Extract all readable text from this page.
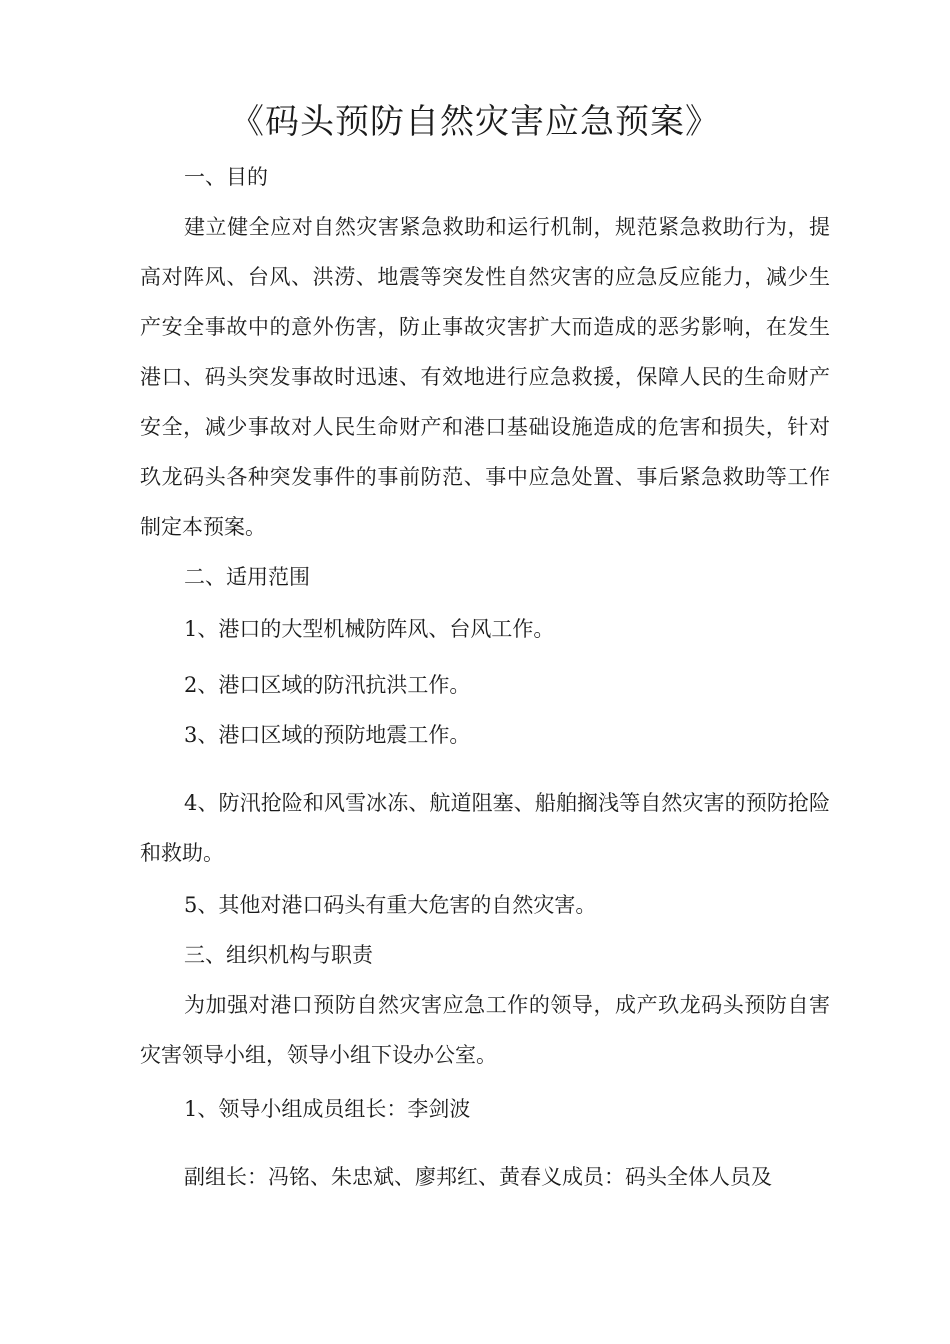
《码头预防自然灾害应急预案》
一、目的
建立健全应对自然灾害紧急救助和运行机制，规范紧急救助行为，提高对阵风、台风、洪涝、地震等突发性自然灾害的应急反应能力，减少生产安全事故中的意外伤害，防止事故灾害扩大而造成的恶劣影响，在发生港口、码头突发事故时迅速、有效地进行应急救援，保障人民的生命财产安全，减少事故对人民生命财产和港口基础设施造成的危害和损失，针对玖龙码头各种突发事件的事前防范、事中应急处置、事后紧急救助等工作制定本预案。
二、适用范围
1、港口的大型机械防阵风、台风工作。
2、港口区域的防汛抗洪工作。
3、港口区域的预防地震工作。
4、防汛抢险和风雪冰冻、航道阻塞、船舶搁浅等自然灾害的预防抢险和救助。
5、其他对港口码头有重大危害的自然灾害。
三、组织机构与职责
为加强对港口预防自然灾害应急工作的领导，成产玖龙码头预防自害灾害领导小组，领导小组下设办公室。
1、领导小组成员组长：李剑波
副组长：冯铭、朱忠斌、廖邦红、黄春义成员：码头全体人员及
